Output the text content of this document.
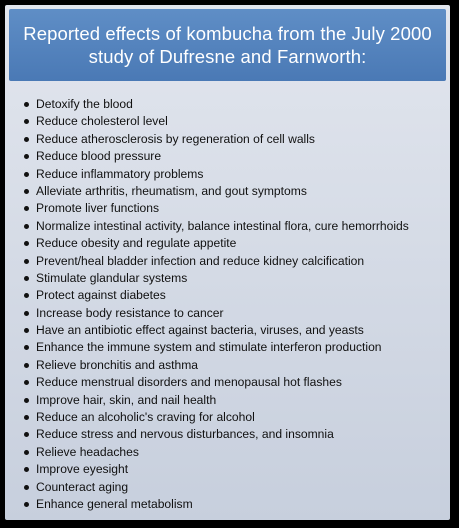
Reported effects of kombucha from the July 2000 study of Dufresne and Farnworth:
Detoxify the blood
Reduce cholesterol level
Reduce atherosclerosis by regeneration of cell walls
Reduce blood pressure
Reduce inflammatory problems
Alleviate arthritis, rheumatism, and gout symptoms
Promote liver functions
Normalize intestinal activity, balance intestinal flora, cure hemorrhoids
Reduce obesity and regulate appetite
Prevent/heal bladder infection and reduce kidney calcification
Stimulate glandular systems
Protect against diabetes
Increase body resistance to cancer
Have an antibiotic effect against bacteria, viruses, and yeasts
Enhance the immune system and stimulate interferon production
Relieve bronchitis and asthma
Reduce menstrual disorders and menopausal hot flashes
Improve hair, skin, and nail health
Reduce an alcoholic's craving for alcohol
Reduce stress and nervous disturbances, and insomnia
Relieve headaches
Improve eyesight
Counteract aging
Enhance general metabolism
